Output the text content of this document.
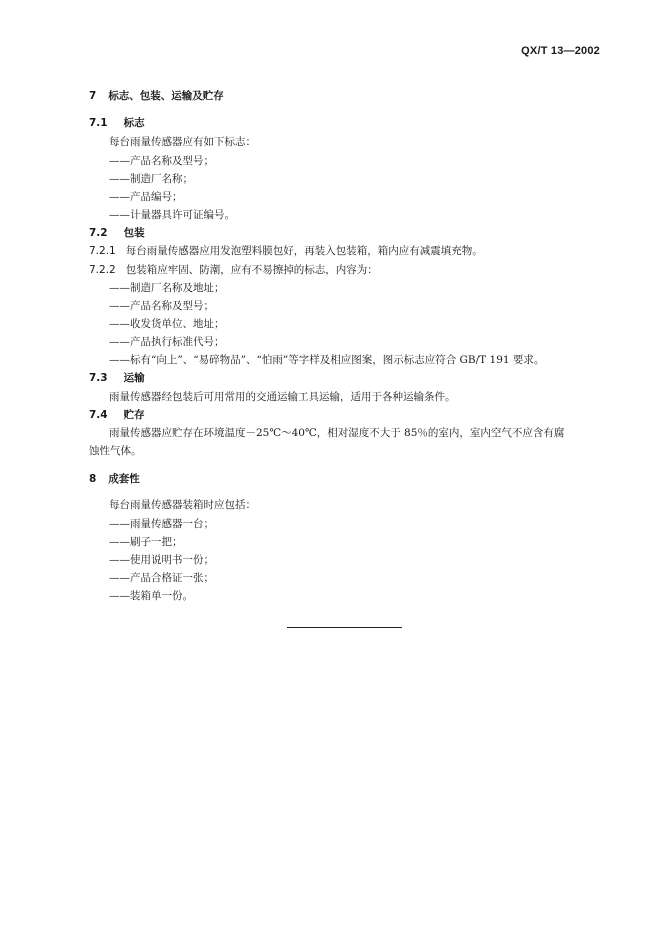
QX/T 13—2002
7 标志、包装、运输及贮存
7.1 标志
每台雨量传感器应有如下标志：
——产品名称及型号；
——制造厂名称；
——产品编号；
——计量器具许可证编号。
7.2 包装
7.2.1 每台雨量传感器应用发泡塑料膜包好，再装入包装箱，箱内应有减震填充物。
7.2.2 包装箱应牢固、防潮，应有不易擦掉的标志，内容为：
——制造厂名称及地址；
——产品名称及型号；
——收发货单位、地址；
——产品执行标准代号；
——标有“向上”、“易碎物品”、“怕雨”等字样及相应图案，图示标志应符合 GB/T 191 要求。
7.3 运输
雨量传感器经包装后可用常用的交通运输工具运输，适用于各种运输条件。
7.4 贮存
雨量传感器应贮存在环境温度－25℃～40℃，相对湿度不大于 85％的室内，室内空气不应含有腐
蚀性气体。
8 成套性
每台雨量传感器装箱时应包括：
——雨量传感器一台；
——刷子一把；
——使用说明书一份；
——产品合格证一张；
——装箱单一份。
